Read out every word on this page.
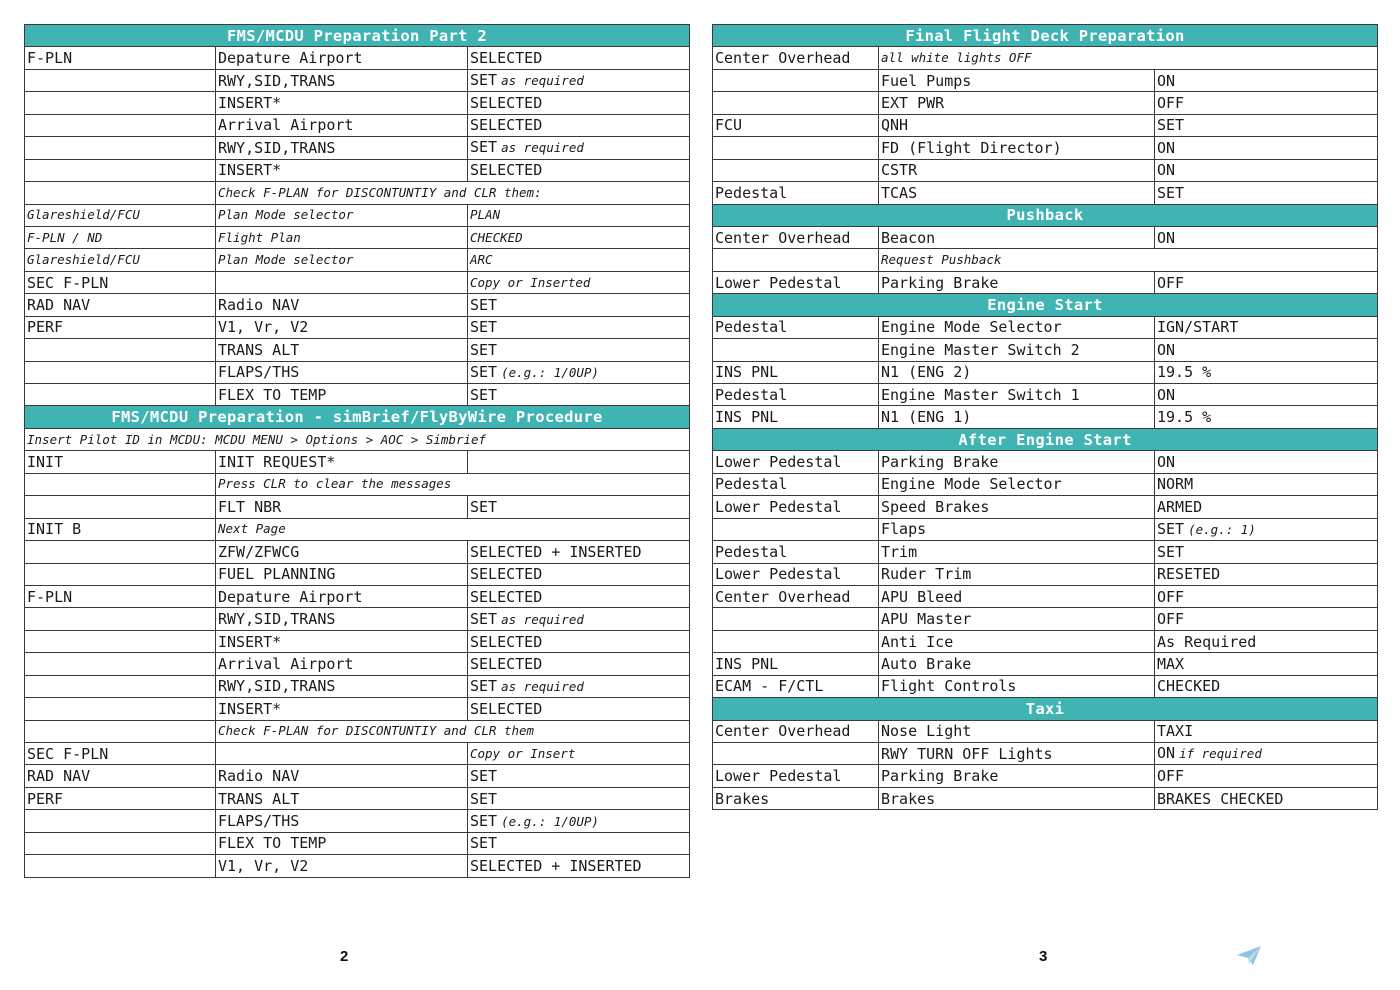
FMS/MCDU Preparation Part 2		
F-PLN	Depature Airport	SELECTED
	RWY,SID,TRANS	SET as required
	INSERT*	SELECTED
	Arrival Airport	SELECTED
	RWY,SID,TRANS	SET as required
	INSERT*	SELECTED
	Check F-PLAN for DISCONTUNTIY and CLR them:	
Glareshield/FCU	Plan Mode selector	PLAN
F-PLN / ND	Flight Plan	CHECKED
Glareshield/FCU	Plan Mode selector	ARC
SEC F-PLN		Copy or Inserted
RAD NAV	Radio NAV	SET
PERF	V1, Vr, V2	SET
	TRANS ALT	SET
	FLAPS/THS	SET (e.g.: 1/0UP)
	FLEX TO TEMP	SET
FMS/MCDU Preparation - simBrief/FlyByWire Procedure		
Insert Pilot ID in MCDU: MCDU MENU > Options > AOC > Simbrief		
INIT	INIT REQUEST*	
	Press CLR to clear the messages	
	FLT NBR	SET
INIT B	Next Page	
	ZFW/ZFWCG	SELECTED + INSERTED
	FUEL PLANNING	SELECTED
F-PLN	Depature Airport	SELECTED
	RWY,SID,TRANS	SET as required
	INSERT*	SELECTED
	Arrival Airport	SELECTED
	RWY,SID,TRANS	SET as required
	INSERT*	SELECTED
	Check F-PLAN for DISCONTUNTIY and CLR them	
SEC F-PLN		Copy or Insert
RAD NAV	Radio NAV	SET
PERF	TRANS ALT	SET
	FLAPS/THS	SET (e.g.: 1/0UP)
	FLEX TO TEMP	SET
	V1, Vr, V2	SELECTED + INSERTED
Final Flight Deck Preparation		
Center Overhead	all white lights OFF	
	Fuel Pumps	ON
	EXT PWR	OFF
FCU	QNH	SET
	FD (Flight Director)	ON
	CSTR	ON
Pedestal	TCAS	SET
Pushback		
Center Overhead	Beacon	ON
	Request Pushback	
Lower Pedestal	Parking Brake	OFF
Engine Start		
Pedestal	Engine Mode Selector	IGN/START
	Engine Master Switch 2	ON
INS PNL	N1 (ENG 2)	19.5 %
Pedestal	Engine Master Switch 1	ON
INS PNL	N1 (ENG 1)	19.5 %
After Engine Start		
Lower Pedestal	Parking Brake	ON
Pedestal	Engine Mode Selector	NORM
Lower Pedestal	Speed Brakes	ARMED
	Flaps	SET (e.g.: 1)
Pedestal	Trim	SET
Lower Pedestal	Ruder Trim	RESETED
Center Overhead	APU Bleed	OFF
	APU Master	OFF
	Anti Ice	As Required
INS PNL	Auto Brake	MAX
ECAM - F/CTL	Flight Controls	CHECKED
Taxi		
Center Overhead	Nose Light	TAXI
	RWY TURN OFF Lights	ON if required
Lower Pedestal	Parking Brake	OFF
Brakes	Brakes	BRAKES CHECKED
2	3
